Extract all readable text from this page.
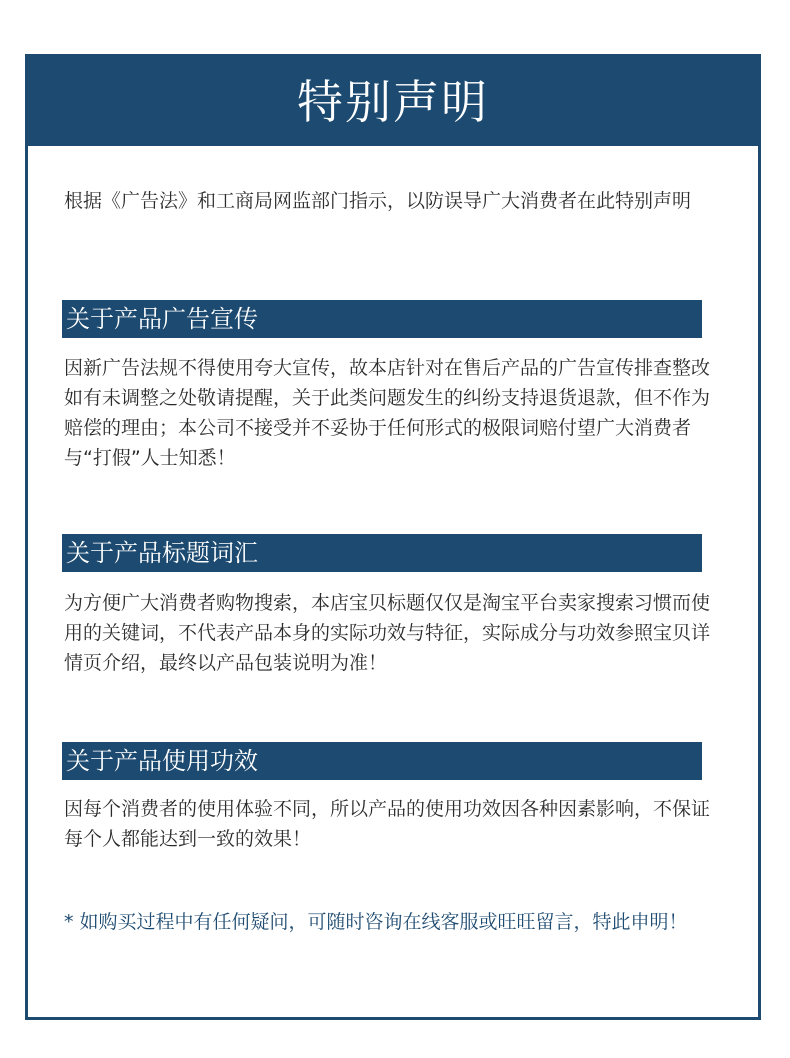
特别声明
根据《广告法》和工商局网监部门指示，以防误导广大消费者在此特别声明
关于产品广告宣传
因新广告法规不得使用夸大宣传，故本店针对在售后产品的广告宣传排查整改如有未调整之处敬请提醒，关于此类问题发生的纠纷支持退货退款，但不作为赔偿的理由；本公司不接受并不妥协于任何形式的极限词赔付望广大消费者与“打假”人士知悉！
关于产品标题词汇
为方便广大消费者购物搜索，本店宝贝标题仅仅是淘宝平台卖家搜索习惯而使用的关键词，不代表产品本身的实际功效与特征，实际成分与功效参照宝贝详情页介绍，最终以产品包装说明为准！
关于产品使用功效
因每个消费者的使用体验不同，所以产品的使用功效因各种因素影响，不保证每个人都能达到一致的效果！
* 如购买过程中有任何疑问，可随时咨询在线客服或旺旺留言，特此申明！
